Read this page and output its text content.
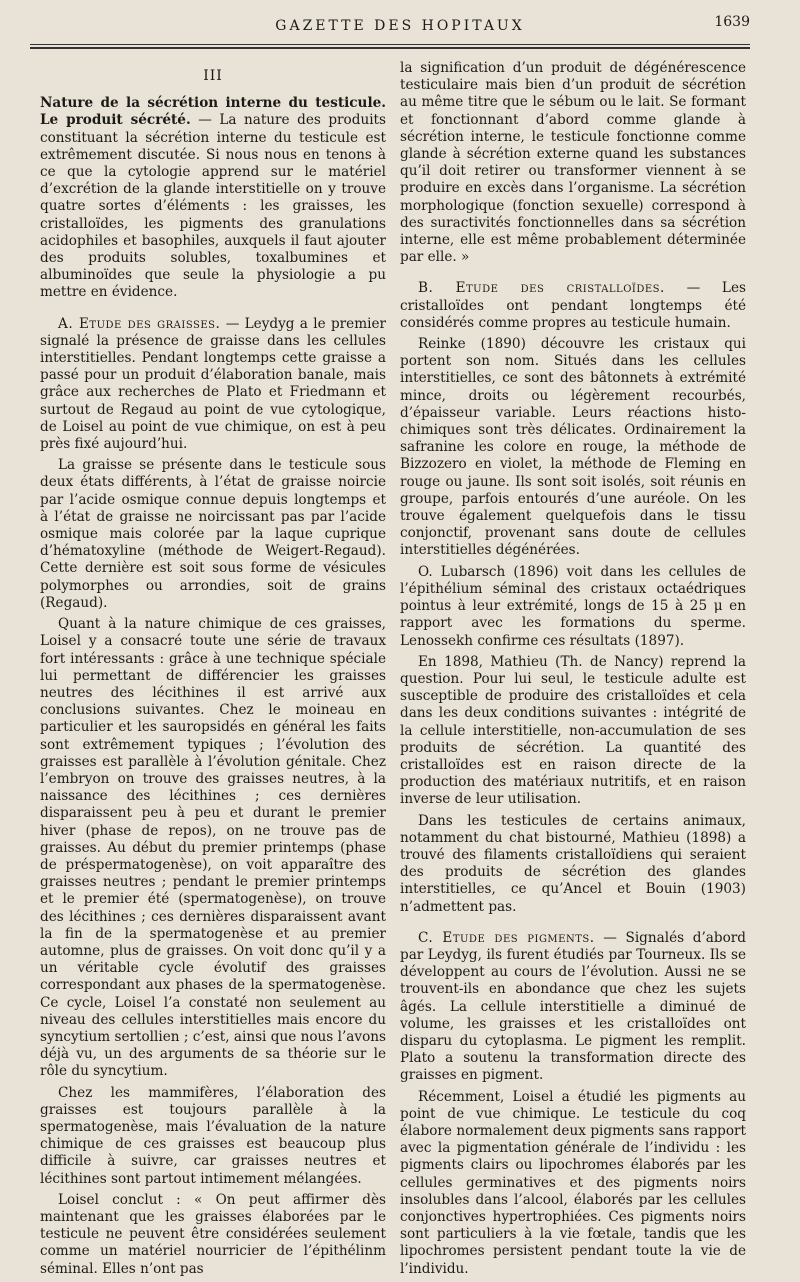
GAZETTE DES HOPITAUX	1639
III

Nature de la sécrétion interne du testicule. Le produit sécrété. — La nature des produits constituant la sécrétion interne du testicule est extrêmement discutée. Si nous nous en tenons à ce que la cytologie apprend sur le matériel d’excrétion de la glande interstitielle on y trouve quatre sortes d’éléments : les graisses, les cristalloïdes, les pigments des granulations acidophiles et basophiles, auxquels il faut ajouter des produits solubles, toxalbumines et albuminoïdes que seule la physiologie a pu mettre en évidence.

A. Etude des graisses. — Leydyg a le premier signalé la présence de graisse dans les cellules interstitielles. Pendant longtemps cette graisse a passé pour un produit d’élaboration banale, mais grâce aux recherches de Plato et Friedmann et surtout de Regaud au point de vue cytologique, de Loisel au point de vue chimique, on est à peu près fixé aujourd’hui.

La graisse se présente dans le testicule sous deux états différents, à l’état de graisse noircie par l’acide osmique connue depuis longtemps et à l’état de graisse ne noircissant pas par l’acide osmique mais colorée par la laque cuprique d’hématoxyline (méthode de Weigert-Regaud). Cette dernière est soit sous forme de vésicules polymorphes ou arrondies, soit de grains (Regaud).

Quant à la nature chimique de ces graisses, Loisel y a consacré toute une série de travaux fort intéressants : grâce à une technique spéciale lui permettant de différencier les graisses neutres des lécithines il est arrivé aux conclusions suivantes. Chez le moineau en particulier et les sauropsidés en général les faits sont extrêmement typiques ; l’évolution des graisses est parallèle à l’évolution génitale. Chez l’embryon on trouve des graisses neutres, à la naissance des lécithines ; ces dernières disparaissent peu à peu et durant le premier hiver (phase de repos), on ne trouve pas de graisses. Au début du premier printemps (phase de préspermatogenèse), on voit apparaître des graisses neutres ; pendant le premier printemps et le premier été (spermatogenèse), on trouve des lécithines ; ces dernières disparaissent avant la fin de la spermatogenèse et au premier automne, plus de graisses. On voit donc qu’il y a un véritable cycle évolutif des graisses correspondant aux phases de la spermatogenèse. Ce cycle, Loisel l’a constaté non seulement au niveau des cellules interstitielles mais encore du syncytium sertollien ; c’est, ainsi que nous l’avons déjà vu, un des arguments de sa théorie sur le rôle du syncytium.

Chez les mammifères, l’élaboration des graisses est toujours parallèle à la spermatogenèse, mais l’évaluation de la nature chimique de ces graisses est beaucoup plus difficile à suivre, car graisses neutres et lécithines sont partout intimement mélangées.

Loisel conclut : « On peut affirmer dès maintenant que les graisses élaborées par le testicule ne peuvent être considérées seulement comme un matériel nourricier de l’épithélinm séminal. Elles n’ont pas

la signification d’un produit de dégénérescence testiculaire mais bien d’un produit de sécrétion au même titre que le sébum ou le lait. Se formant et fonctionnant d’abord comme glande à sécrétion interne, le testicule fonctionne comme glande à sécrétion externe quand les substances qu’il doit retirer ou transformer viennent à se produire en excès dans l’organisme. La sécrétion morphologique (fonction sexuelle) correspond à des suractivités fonctionnelles dans sa sécrétion interne, elle est même probablement déterminée par elle. »

B. Etude des cristalloïdes. — Les cristalloïdes ont pendant longtemps été considérés comme propres au testicule humain.

Reinke (1890) découvre les cristaux qui portent son nom. Situés dans les cellules interstitielles, ce sont des bâtonnets à extrémité mince, droits ou légèrement recourbés, d’épaisseur variable. Leurs réactions histo-chimiques sont très délicates. Ordinairement la safranine les colore en rouge, la méthode de Bizzozero en violet, la méthode de Fleming en rouge ou jaune. Ils sont soit isolés, soit réunis en groupe, parfois entourés d’une auréole. On les trouve également quelquefois dans le tissu conjonctif, provenant sans doute de cellules interstitielles dégénérées.

O. Lubarsch (1896) voit dans les cellules de l’épithélium séminal des cristaux octaédriques pointus à leur extrémité, longs de 15 à 25 μ en rapport avec les formations du sperme. Lenossekh confirme ces résultats (1897).

En 1898, Mathieu (Th. de Nancy) reprend la question. Pour lui seul, le testicule adulte est susceptible de produire des cristalloïdes et cela dans les deux conditions suivantes : intégrité de la cellule interstitielle, non-accumulation de ses produits de sécrétion. La quantité des cristalloïdes est en raison directe de la production des matériaux nutritifs, et en raison inverse de leur utilisation.

Dans les testicules de certains animaux, notamment du chat bistourné, Mathieu (1898) a trouvé des filaments cristalloïdiens qui seraient des produits de sécrétion des glandes interstitielles, ce qu’Ancel et Bouin (1903) n’admettent pas.

C. Etude des pigments. — Signalés d’abord par Leydyg, ils furent étudiés par Tourneux. Ils se développent au cours de l’évolution. Aussi ne se trouvent-ils en abondance que chez les sujets âgés. La cellule interstitielle a diminué de volume, les graisses et les cristalloïdes ont disparu du cytoplasma. Le pigment les remplit. Plato a soutenu la transformation directe des graisses en pigment.

Récemment, Loisel a étudié les pigments au point de vue chimique. Le testicule du coq élabore normalement deux pigments sans rapport avec la pigmentation générale de l’individu : les pigments clairs ou lipochromes élaborés par les cellules germinatives et des pigments noirs insolubles dans l’alcool, élaborés par les cellules conjonctives hypertrophiées. Ces pigments noirs sont particuliers à la vie fœtale, tandis que les lipochromes persistent pendant toute la vie de l’individu.
